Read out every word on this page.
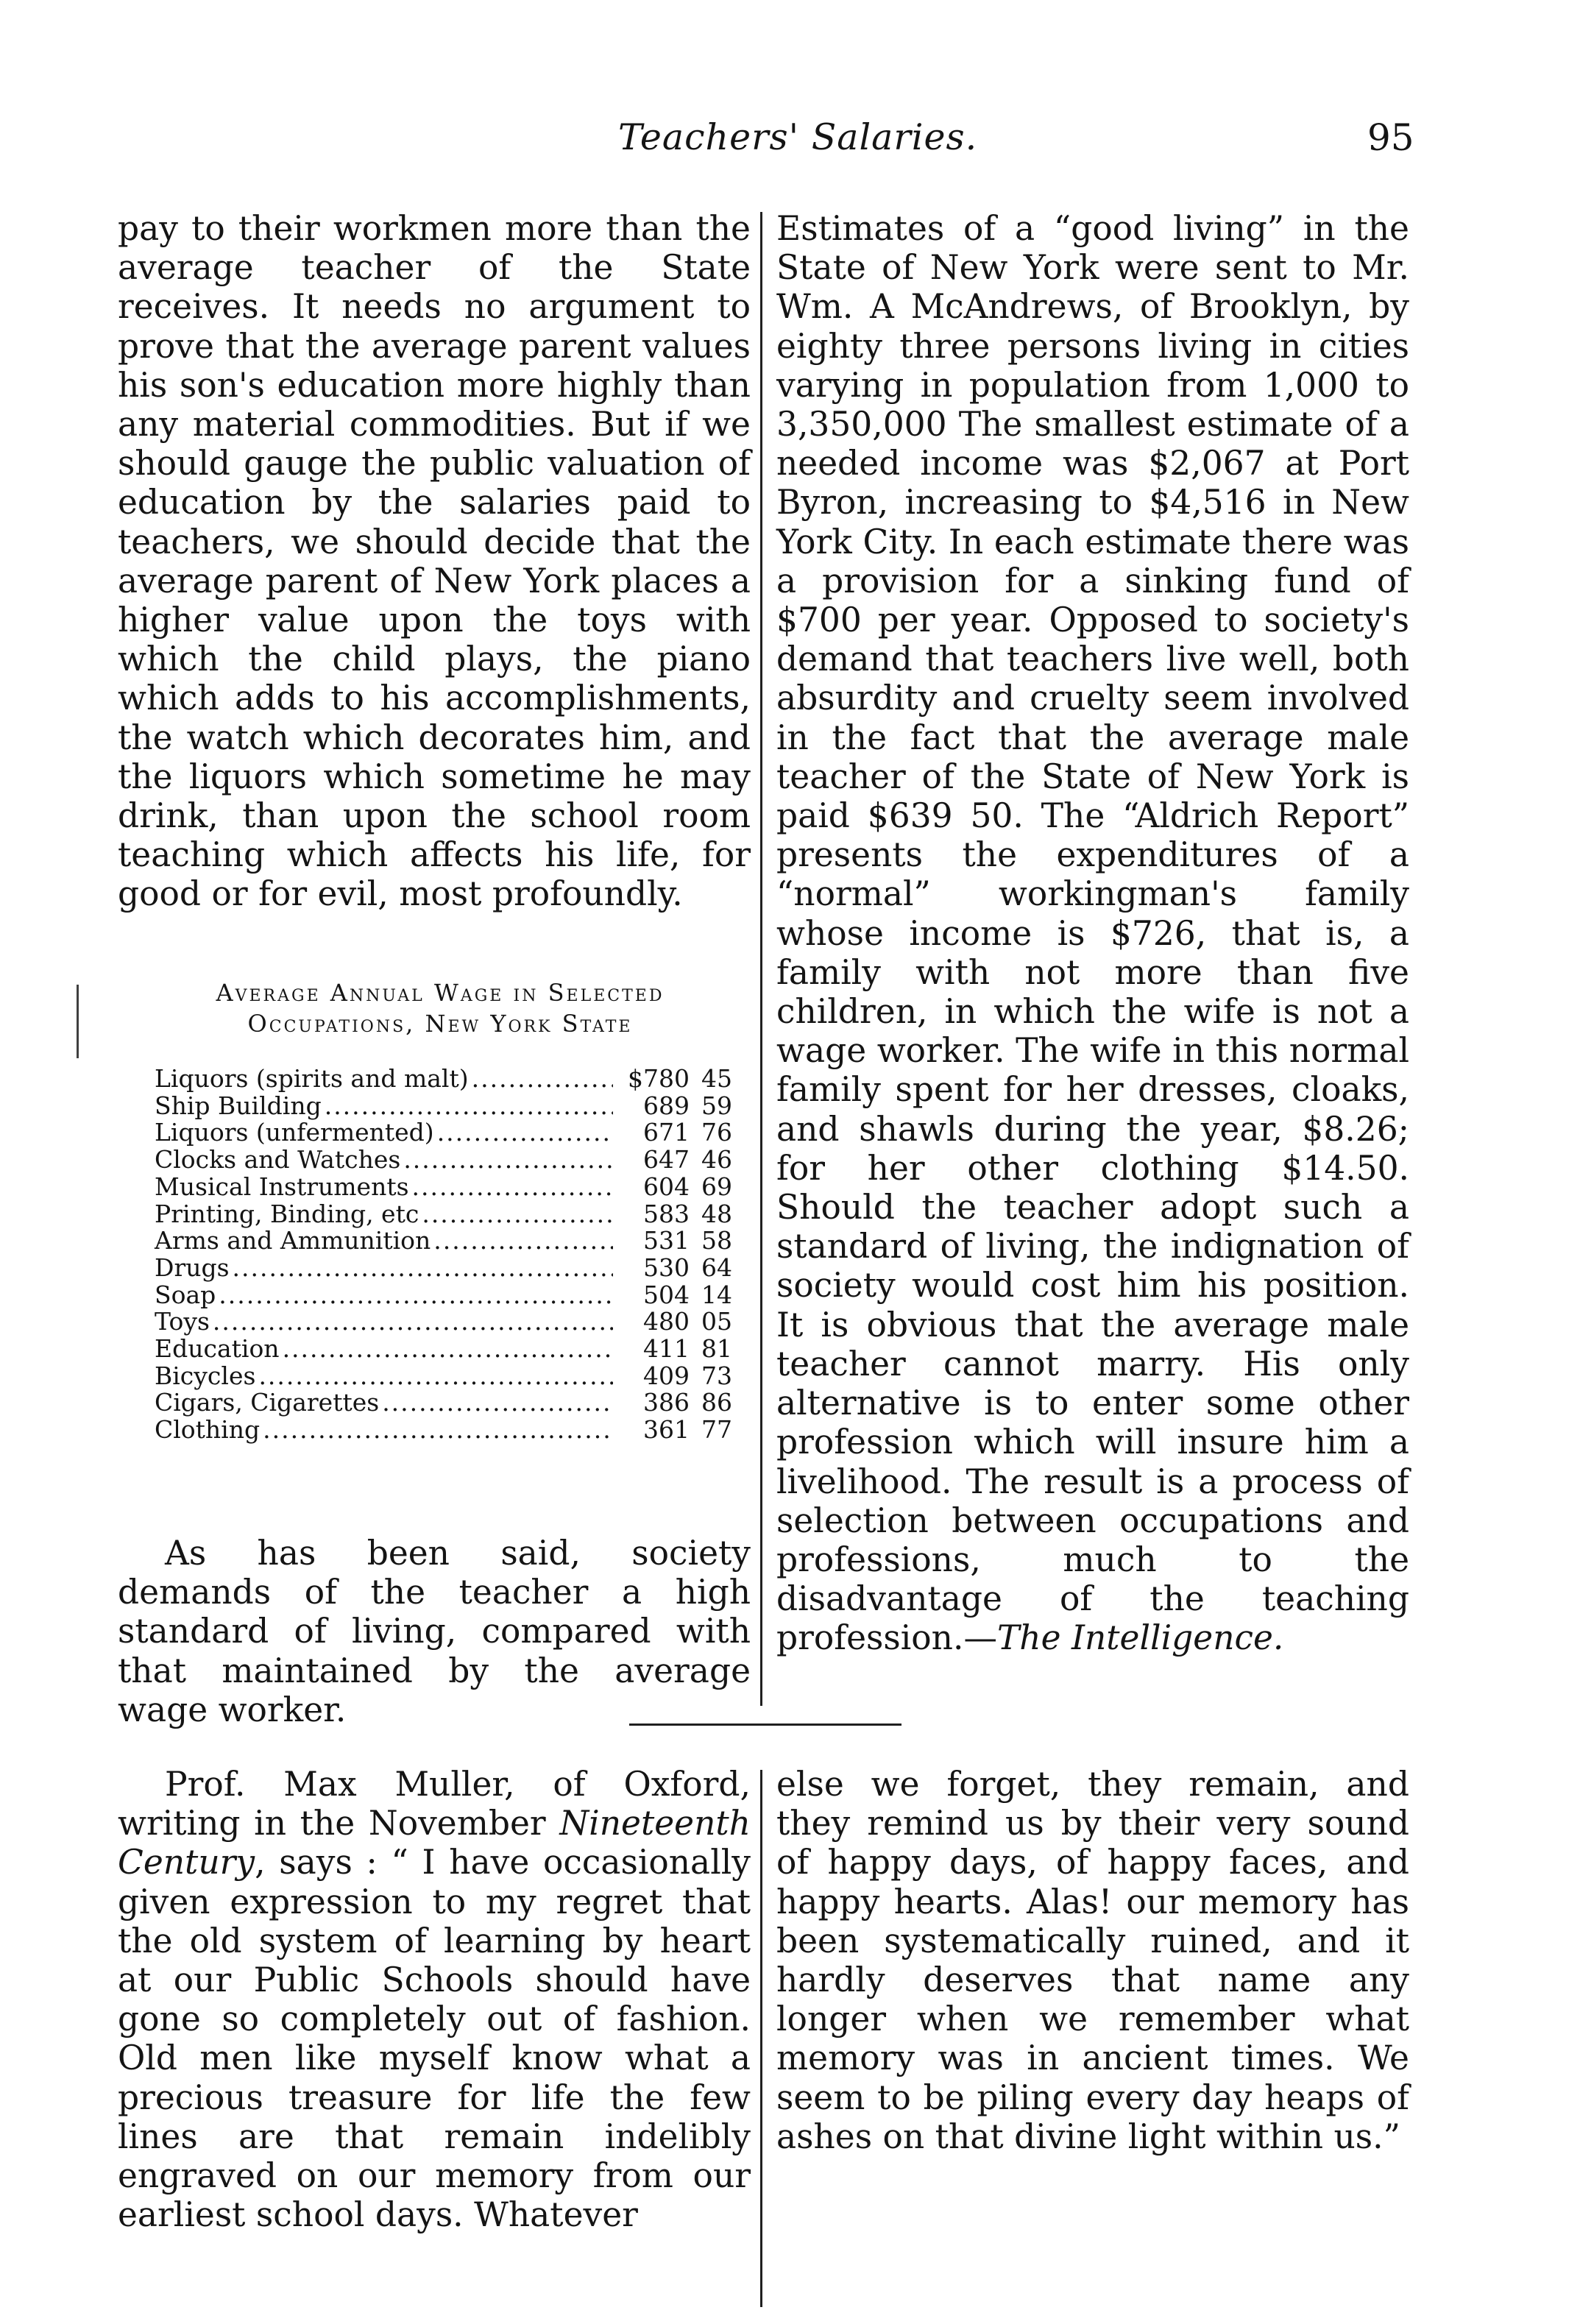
Teachers' Salaries.	95

pay to their workmen more than the average teacher of the State receives. It needs no argument to prove that the average parent values his son's education more highly than any material commodities. But if we should gauge the public valuation of education by the salaries paid to teachers, we should decide that the average parent of New York places a higher value upon the toys with which the child plays, the piano which adds to his accomplishments, the watch which decorates him, and the liquors which sometime he may drink, than upon the school room teaching which affects his life, for good or for evil, most profoundly.

Average Annual Wage in Selected
Occupations, New York State
Liquors (spirits and malt) .....	$780 45
Ship Building .....	689 59
Liquors (unfermented) .....	671 76
Clocks and Watches .....	647 46
Musical Instruments .....	604 69
Printing, Binding, etc .....	583 48
Arms and Ammunition .....	531 58
Drugs .....	530 64
Soap .....	504 14
Toys .....	480 05
Education .....	411 81
Bicycles .....	409 73
Cigars, Cigarettes .....	386 86
Clothing .....	361 77

As has been said, society demands of the teacher a high standard of living, compared with that maintained by the average wage worker.

Estimates of a “good living” in the State of New York were sent to Mr. Wm. A McAndrews, of Brooklyn, by eighty three persons living in cities varying in population from 1,000 to 3,350,000 The smallest estimate of a needed income was $2,067 at Port Byron, increasing to $4,516 in New York City. In each estimate there was a provision for a sinking fund of $700 per year. Opposed to society's demand that teachers live well, both absurdity and cruelty seem involved in the fact that the average male teacher of the State of New York is paid $639 50. The “Aldrich Report” presents the expenditures of a “normal” workingman's family whose income is $726, that is, a family with not more than five children, in which the wife is not a wage worker. The wife in this normal family spent for her dresses, cloaks, and shawls during the year, $8.26; for her other clothing $14.50. Should the teacher adopt such a standard of living, the indignation of society would cost him his position. It is obvious that the average male teacher cannot marry. His only alternative is to enter some other profession which will insure him a livelihood. The result is a process of selection between occupations and professions, much to the disadvantage of the teaching profession.—The Intelligence.

Prof. Max Muller, of Oxford, writing in the November Nineteenth Century, says : “ I have occasionally given expression to my regret that the old system of learning by heart at our Public Schools should have gone so completely out of fashion. Old men like myself know what a precious treasure for life the few lines are that remain indelibly engraved on our memory from our earliest school days. Whatever

else we forget, they remain, and they remind us by their very sound of happy days, of happy faces, and happy hearts. Alas! our memory has been systematically ruined, and it hardly deserves that name any longer when we remember what memory was in ancient times. We seem to be piling every day heaps of ashes on that divine light within us.”
